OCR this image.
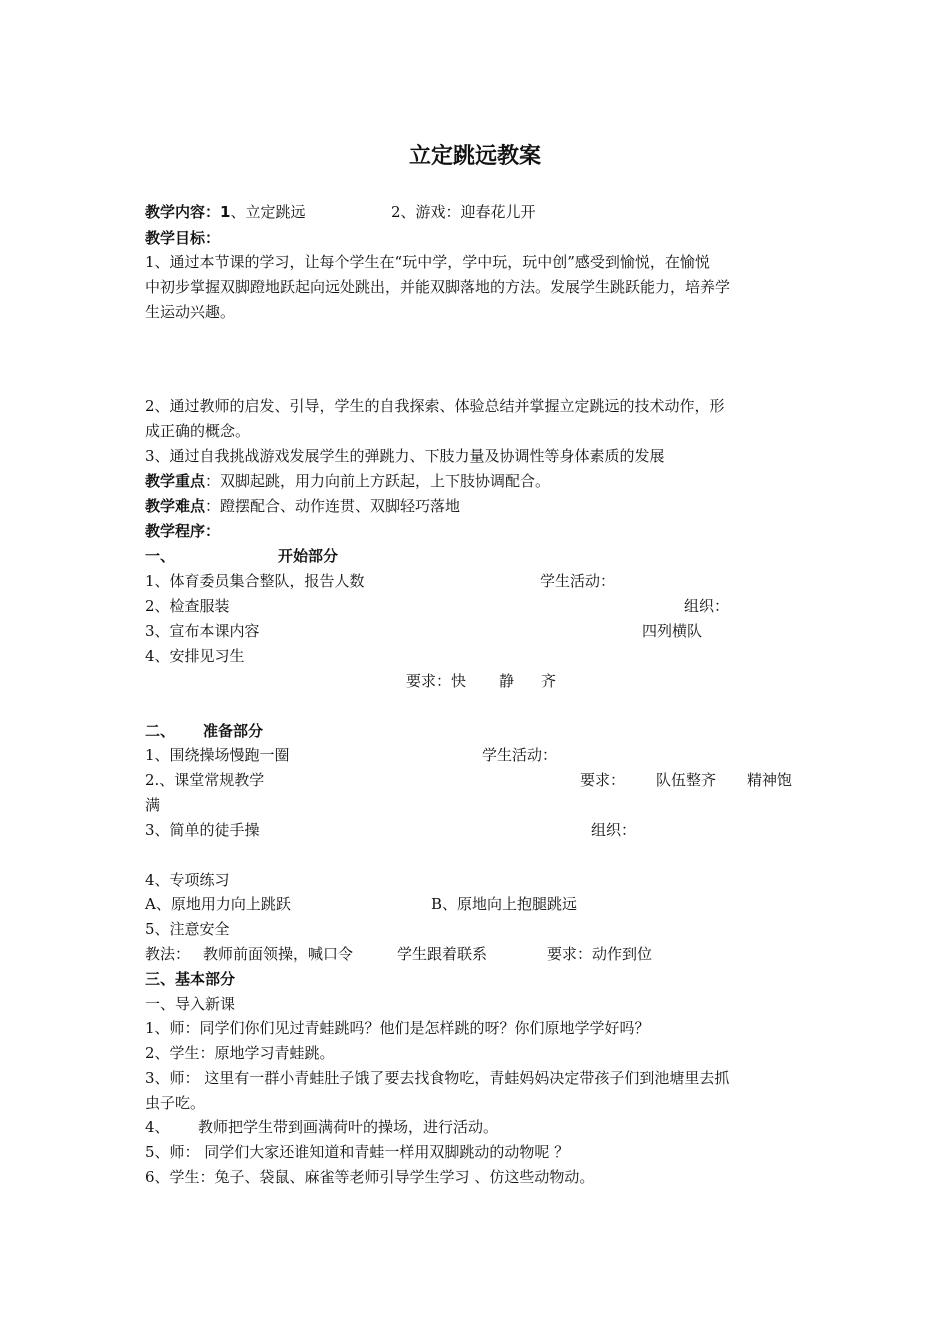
立定跳远教案
教学内容：1、立定跳远	2、游戏：迎春花儿开
教学目标：
1、通过本节课的学习，让每个学生在“玩中学，学中玩，玩中创”感受到愉悦，在愉悦
中初步掌握双脚蹬地跃起向远处跳出，并能双脚落地的方法。发展学生跳跃能力，培养学
生运动兴趣。
2、通过教师的启发、引导，学生的自我探索、体验总结并掌握立定跳远的技术动作，形
成正确的概念。
3、通过自我挑战游戏发展学生的弹跳力、下肢力量及协调性等身体素质的发展
教学重点：双脚起跳，用力向前上方跃起，上下肢协调配合。
教学难点：蹬摆配合、动作连贯、双脚轻巧落地
教学程序：
一、	开始部分
1、体育委员集合整队，报告人数	学生活动：
2、检查服装	组织：
3、宣布本课内容	四列横队
4、安排见习生
要求：快 静 齐
二、 准备部分
1、围绕操场慢跑一圈	学生活动：
2.、课堂常规教学	要求： 队伍整齐 精神饱
满
3、简单的徒手操	组织：
4、专项练习
A、原地用力向上跳跃	B、原地向上抱腿跳远
5、注意安全
教法： 教师前面领操，喊口令	学生跟着联系	要求：动作到位
三、基本部分
一、导入新课
1、师：同学们你们见过青蛙跳吗？他们是怎样跳的呀？你们原地学学好吗？
2、学生：原地学习青蛙跳。
3、师： 这里有一群小青蛙肚子饿了要去找食物吃，青蛙妈妈决定带孩子们到池塘里去抓
虫子吃。
4、 教师把学生带到画满荷叶的操场，进行活动。
5、师： 同学们大家还谁知道和青蛙一样用双脚跳动的动物呢 ？
6、学生：兔子、袋鼠、麻雀等老师引导学生学习 、仿这些动物动。
